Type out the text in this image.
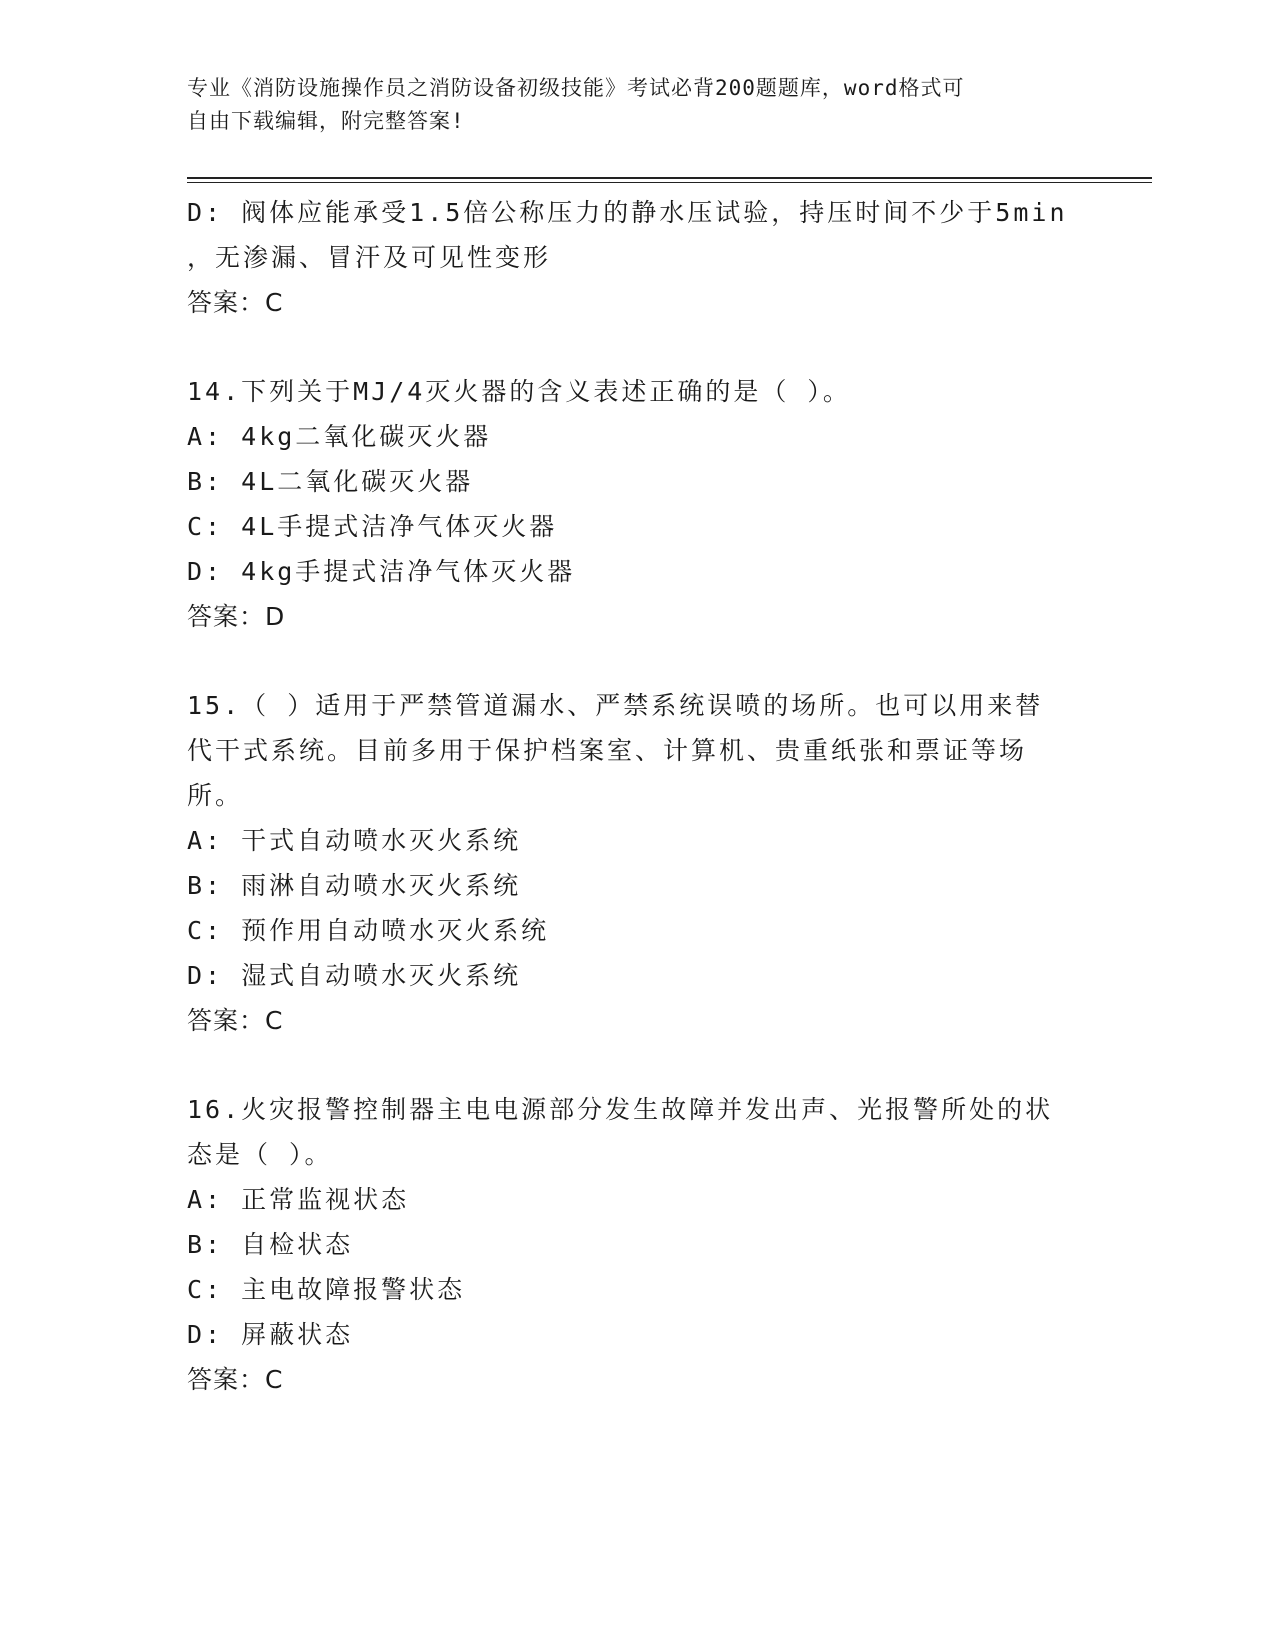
专业《消防设施操作员之消防设备初级技能》考试必背200题题库，word格式可
自由下载编辑，附完整答案!
D: 阀体应能承受1.5倍公称压力的静水压试验，持压时间不少于5min
，无渗漏、冒汗及可见性变形
答案：C
14.下列关于MJ/4灭火器的含义表述正确的是（ ）。
A: 4kg二氧化碳灭火器
B: 4L二氧化碳灭火器
C: 4L手提式洁净气体灭火器
D: 4kg手提式洁净气体灭火器
答案：D
15.（ ）适用于严禁管道漏水、严禁系统误喷的场所。也可以用来替
代干式系统。目前多用于保护档案室、计算机、贵重纸张和票证等场
所。
A: 干式自动喷水灭火系统
B: 雨淋自动喷水灭火系统
C: 预作用自动喷水灭火系统
D: 湿式自动喷水灭火系统
答案：C
16.火灾报警控制器主电电源部分发生故障并发出声、光报警所处的状
态是（ ）。
A: 正常监视状态
B: 自检状态
C: 主电故障报警状态
D: 屏蔽状态
答案：C
